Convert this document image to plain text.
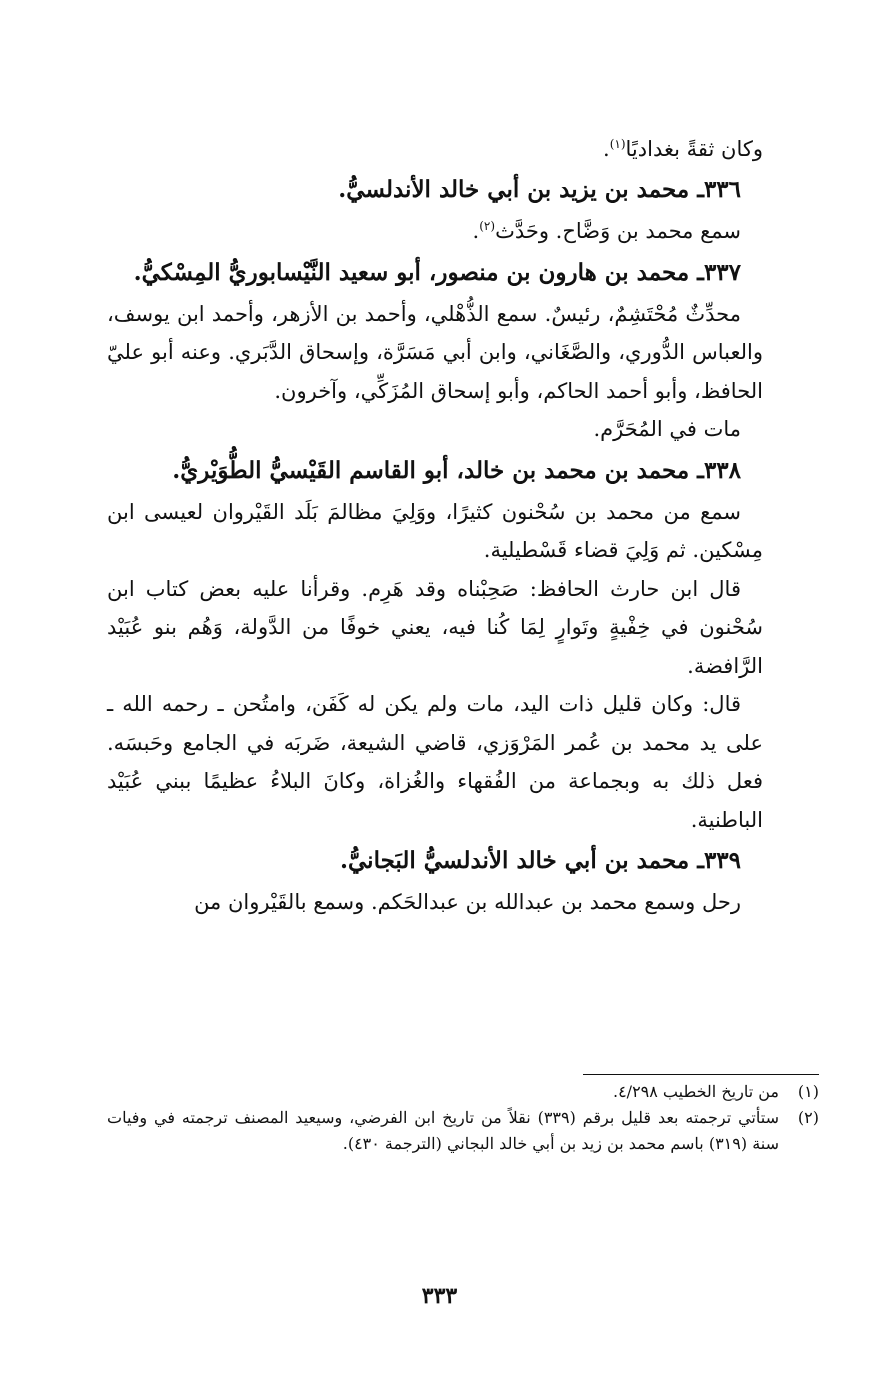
وكان ثقةً بغداديًا$^{(١)}$.

٣٣٦ـ محمد بن يزيد بن أبي خالد الأندلسيُّ.

سمع محمد بن وَضَّاح. وحَدَّث$^{(٢)}$.

٣٣٧ـ محمد بن هارون بن منصور، أبو سعيد النَّيْسابوريُّ المِسْكيُّ.

محدِّثٌ مُحْتَشِمٌ، رئيسٌ. سمع الذُّهْلي، وأحمد بن الأزهر، وأحمد ابن يوسف، والعباس الدُّوري، والصَّغَاني، وابن أبي مَسَرَّة، وإسحاق الدَّبَري. وعنه أبو عليّ الحافظ، وأبو أحمد الحاكم، وأبو إسحاق المُزَكِّي، وآخرون.

مات في المُحَرَّم.

٣٣٨ـ محمد بن محمد بن خالد، أبو القاسم القَيْسيُّ الطُّوَيْريُّ.

سمع من محمد بن سُحْنون كثيرًا، ووَلِيَ مظالمَ بَلَد القَيْروان لعيسى ابن مِسْكين. ثم وَلِيَ قضاء قَسْطيلية.

قال ابن حارث الحافظ: صَحِبْناه وقد هَرِم. وقرأنا عليه بعض كتاب ابن سُحْنون في خِفْيةٍ وتَوارٍ لِمَا كُنا فيه، يعني خوفًا من الدَّولة، وَهُم بنو عُبَيْد الرَّافضة.

قال: وكان قليل ذات اليد، مات ولم يكن له كَفَن، وامتُحن ـ رحمه الله ـ على يد محمد بن عُمر المَرْوَزي، قاضي الشيعة، ضَربَه في الجامع وحَبسَه. فعل ذلك به وبجماعة من الفُقهاء والغُزاة، وكانَ البلاءُ عظيمًا ببني عُبَيْد الباطنية.

٣٣٩ـ محمد بن أبي خالد الأندلسيُّ البَجانيُّ.

رحل وسمع محمد بن عبدالله بن عبدالحَكم. وسمع بالقَيْروان من

(١)
من تاريخ الخطيب ٤/٢٩٨.
(٢)
ستأتي ترجمته بعد قليل برقم (٣٣٩) نقلاً من تاريخ ابن الفرضي، وسيعيد المصنف ترجمته في وفيات سنة (٣١٩) باسم محمد بن زيد بن أبي خالد البجاني (الترجمة ٤٣٠).
٣٣٣
